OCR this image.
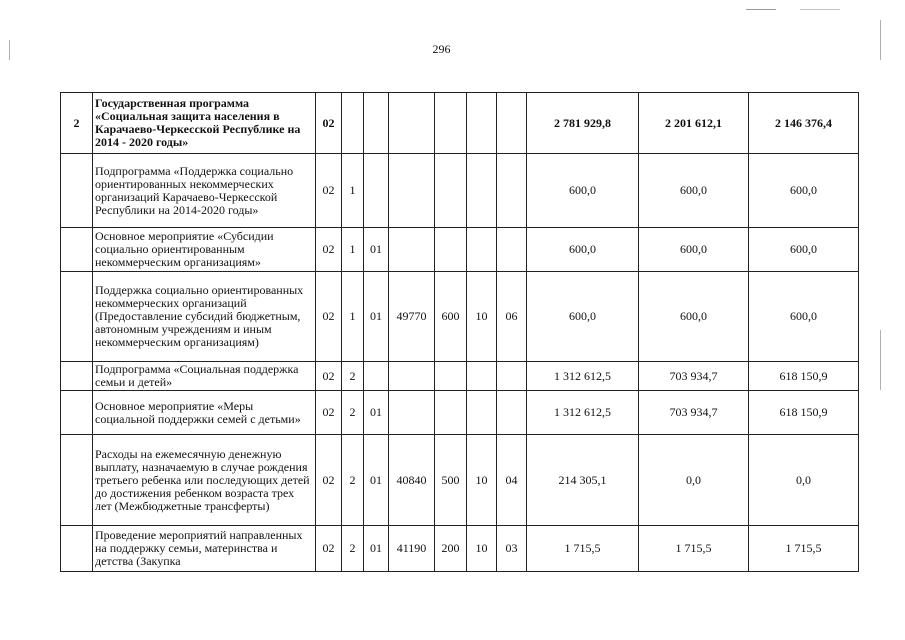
296
2	Государственная программа «Социальная защита населения в Карачаево-Черкесской Республике на 2014 - 2020 годы»	02							2 781 929,8	2 201 612,1	2 146 376,4
	Подпрограмма «Поддержка социально ориентированных некоммерческих организаций Карачаево-Черкесской Республики на 2014-2020 годы»	02	1						600,0	600,0	600,0
	Основное мероприятие «Субсидии социально ориентированным некоммерческим организациям»	02	1	01					600,0	600,0	600,0
	Поддержка социально ориентированных некоммерческих организаций (Предоставление субсидий бюджетным, автономным учреждениям и иным некоммерческим организациям)	02	1	01	49770	600	10	06	600,0	600,0	600,0
	Подпрограмма «Социальная поддержка семьи и детей»	02	2						1 312 612,5	703 934,7	618 150,9
	Основное мероприятие «Меры социальной поддержки семей с детьми»	02	2	01					1 312 612,5	703 934,7	618 150,9
	Расходы на ежемесячную денежную выплату, назначаемую в случае рождения третьего ребенка или последующих детей до достижения ребенком возраста трех лет (Межбюджетные трансферты)	02	2	01	40840	500	10	04	214 305,1	0,0	0,0
	Проведение мероприятий направленных на поддержку семьи, материнства и детства (Закупка	02	2	01	41190	200	10	03	1 715,5	1 715,5	1 715,5
